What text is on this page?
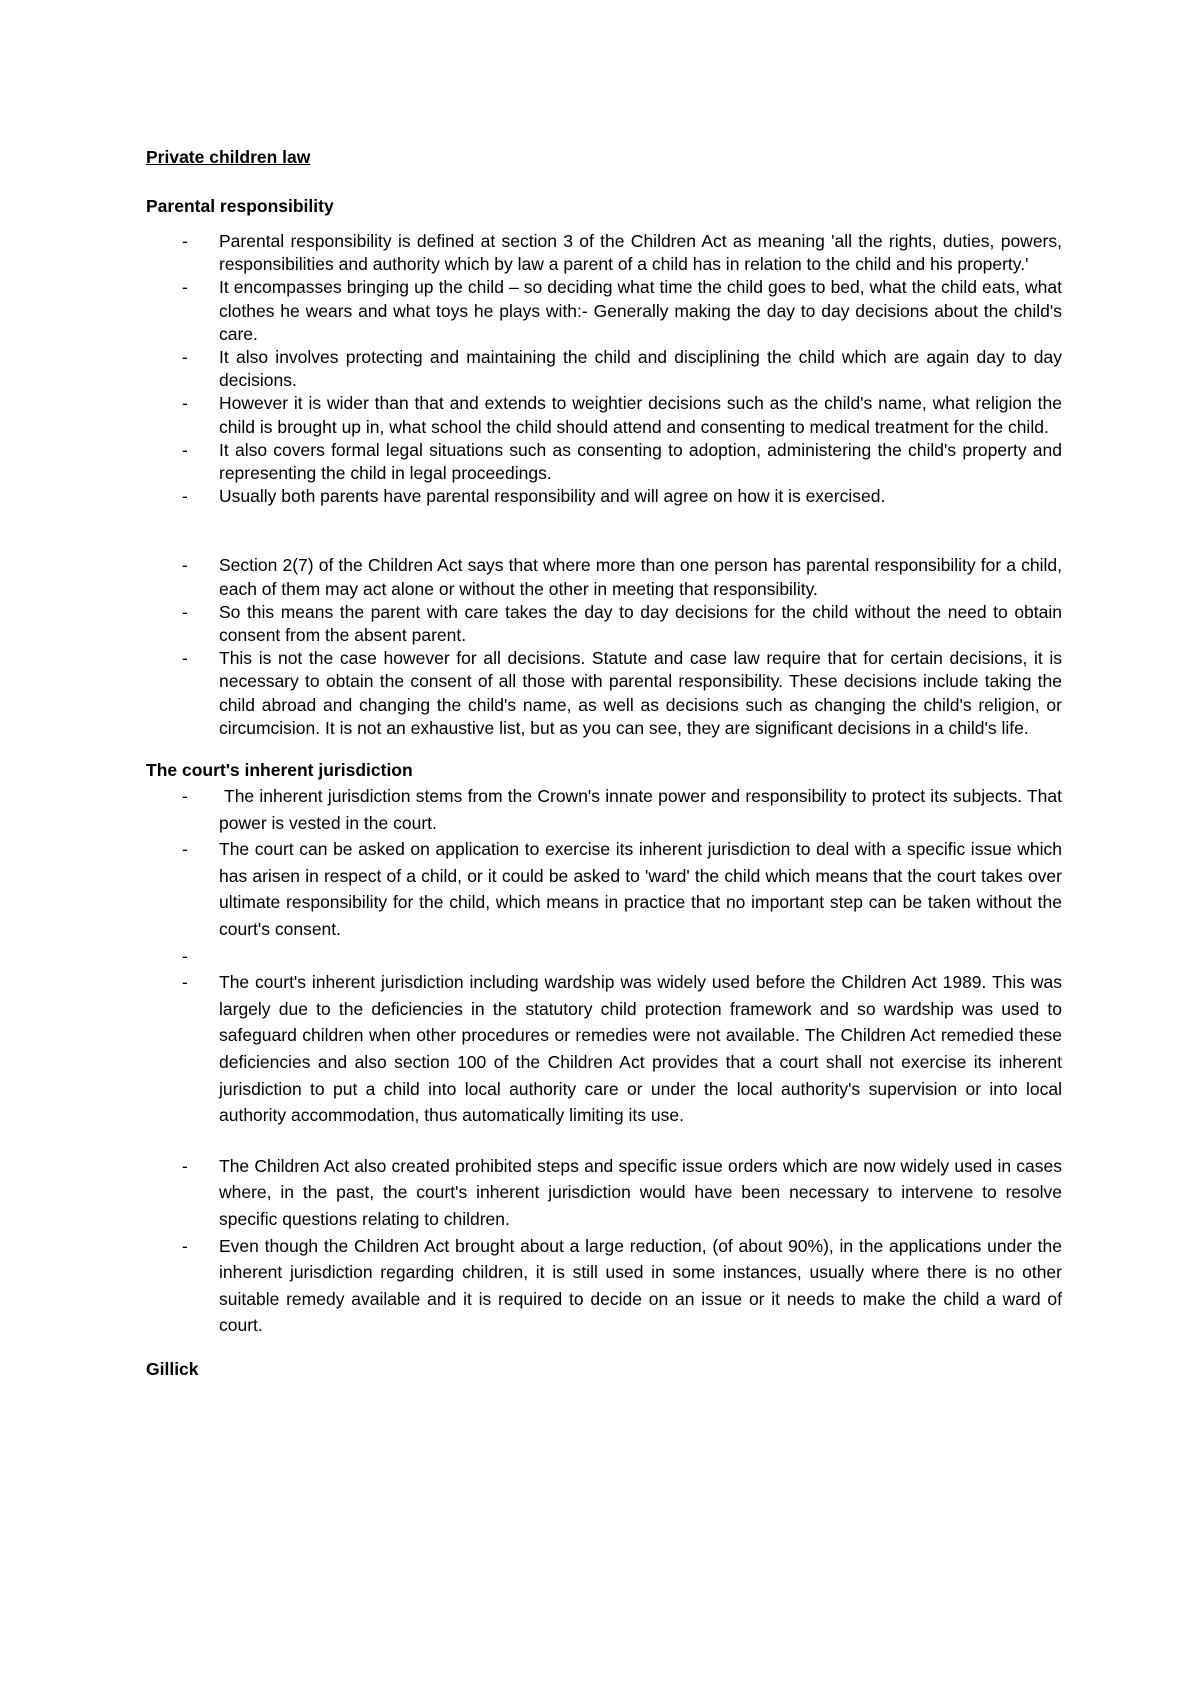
Private children law
Parental responsibility
- Parental responsibility is defined at section 3 of the Children Act as meaning 'all the rights, duties, powers, responsibilities and authority which by law a parent of a child has in relation to the child and his property.'
- It encompasses bringing up the child – so deciding what time the child goes to bed, what the child eats, what clothes he wears and what toys he plays with:- Generally making the day to day decisions about the child's care.
- It also involves protecting and maintaining the child and disciplining the child which are again day to day decisions.
- However it is wider than that and extends to weightier decisions such as the child's name, what religion the child is brought up in, what school the child should attend and consenting to medical treatment for the child.
- It also covers formal legal situations such as consenting to adoption, administering the child's property and representing the child in legal proceedings.
- Usually both parents have parental responsibility and will agree on how it is exercised.
- Section 2(7) of the Children Act says that where more than one person has parental responsibility for a child, each of them may act alone or without the other in meeting that responsibility.
- So this means the parent with care takes the day to day decisions for the child without the need to obtain consent from the absent parent.
- This is not the case however for all decisions. Statute and case law require that for certain decisions, it is necessary to obtain the consent of all those with parental responsibility. These decisions include taking the child abroad and changing the child's name, as well as decisions such as changing the child's religion, or circumcision. It is not an exhaustive list, but as you can see, they are significant decisions in a child's life.
The court's inherent jurisdiction
- The inherent jurisdiction stems from the Crown's innate power and responsibility to protect its subjects. That power is vested in the court.
- The court can be asked on application to exercise its inherent jurisdiction to deal with a specific issue which has arisen in respect of a child, or it could be asked to 'ward' the child which means that the court takes over ultimate responsibility for the child, which means in practice that no important step can be taken without the court's consent.
-
- The court's inherent jurisdiction including wardship was widely used before the Children Act 1989. This was largely due to the deficiencies in the statutory child protection framework and so wardship was used to safeguard children when other procedures or remedies were not available. The Children Act remedied these deficiencies and also section 100 of the Children Act provides that a court shall not exercise its inherent jurisdiction to put a child into local authority care or under the local authority's supervision or into local authority accommodation, thus automatically limiting its use.
- The Children Act also created prohibited steps and specific issue orders which are now widely used in cases where, in the past, the court's inherent jurisdiction would have been necessary to intervene to resolve specific questions relating to children.
- Even though the Children Act brought about a large reduction, (of about 90%), in the applications under the inherent jurisdiction regarding children, it is still used in some instances, usually where there is no other suitable remedy available and it is required to decide on an issue or it needs to make the child a ward of court.
Gillick
